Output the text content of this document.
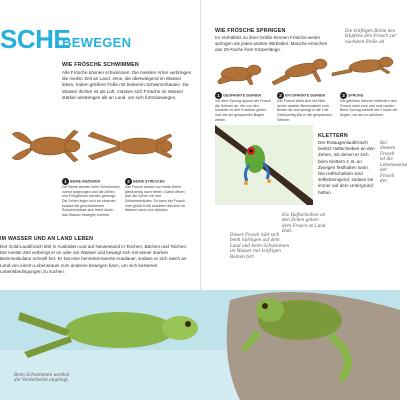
SCHE
BEWEGEN
WIE FRÖSCHE SCHWIMMEN
Alle Frösche können schwimmen. Die meisten Arten verbringen die meiste Zeit an Land. Jene, die überwiegend im Wasser leben, haben größere Füße mit breiteren Schwimmhäuten. Da Wasser dichter ist als Luft, müssen sich Frösche im Wasser stärker anstrengen als an Land, um sich fortzubewegen.
1 BEINE ANZIEHEN
Die Beine werden beim Schwimmen zuerst angezogen und die Zehen und Fußgelenke werden gebeugt. Die Zehen legen sich an einander, sodass die geschlossenen Schwimmhäute sich leicht durch das Wasser bewegen können.
2 BEINE STRECKEN
Der Frosch streckt nun beide Beine gleichzeitig nach hinten. Dabei öffnen sich die Zehen mit den Schwimmhäuten. So kann der Frosch eine große Kraft ausüben und sich im Wasser nach vorn drücken.
IM WASSER UND AN LAND LEBEN
Der Gold-Laubfrosch lebt in Australien und auf Neuseeland in Teichen, Bächen und Teichen. Die meiste Zeit verbringt er im oder am Wasser und bewegt sich mit seiner starken Beinmuskulatur schnell fort. Er hat eine bemerkenswerte Ausdauer, sodass er sich rasch an Land von einem Lebensraum zum anderen bewegen kann, um sich besseren Lebensbedingungen zu suchen.
WIE FRÖSCHE SPRINGEN
Im Verhältnis zu ihrer Größe können Frösche weiter springen als jedes andere Wirbeltier. Manche erreichen das 20-Fache ihrer Körperlänge.
Die kräftigen Beine des Hüpfens den Frosch zur nächsten Stelle ab
1 GESPANNTE SEHNEN
Vor dem Sprung spannt der Frosch die Sehnen an, die von den Muskeln zu den Knochen gehen und wie ein gespanntes Bogen wirken.
2 ENTSPANNTE SEHNEN
Der Frosch stößt sich mit Hilfe seiner starken Beinmuskeln vom Boden ab und springt in die Luft. Gleichzeitig löst er die gespannten Sehnen.
3 SPRUNG
Die gelösten Sehnen befördern den Frosch nach vorn und noch weiter. Beim Sprung schießt der Frosch die Augen, um sie zu schützen.
KLETTERN
Der Rotaugenlaubfrosch besitzt Haftscheiben an den Zehen, mit denen er sich beim Klettern z. B. an Zweigen festhalten kann. Die Haftscheiben sind selbstreinigend, sodass sie immer auf dem Untergrund haften.
Bei diesem Frosch ist die Lebensweise der Frosch der.
Dieser Frosch hält sich beim Springen auf dem Land und beim Schwimmen im Wasser mit kräftigen Beinen fort.
Die Haftscheiben an den Zehen geben dem Frosch an Land Halt.
Beim Schwimmen werden die Vorderbeine angelegt.
